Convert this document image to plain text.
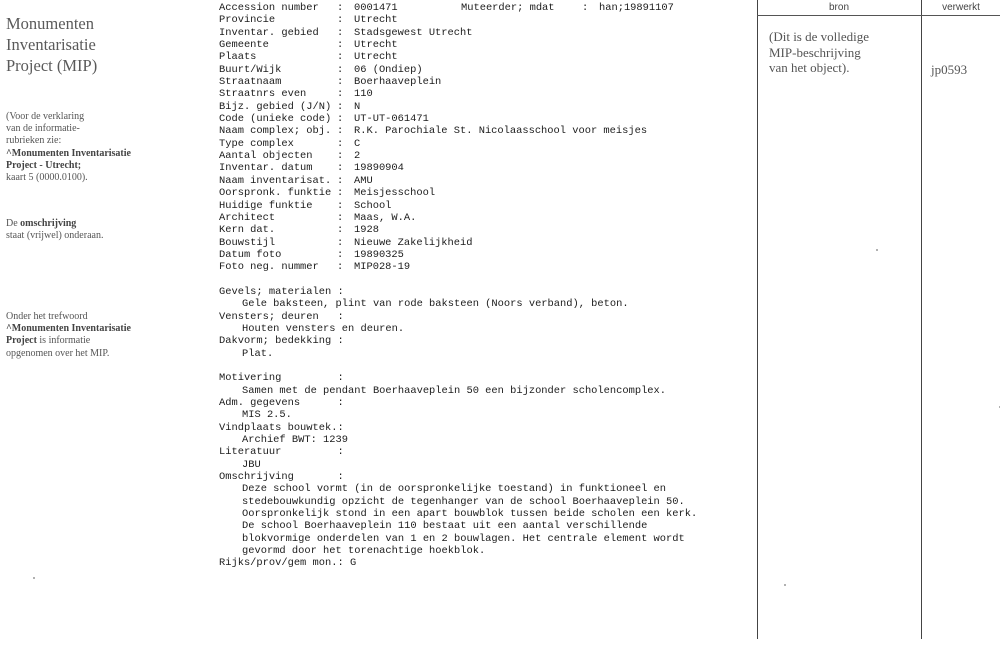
Monumenten
Inventarisatie
Project (MIP)
(Voor de verklaring
van de informatie-
rubrieken zie:
^Monumenten Inventarisatie
Project - Utrecht;
kaart 5 (0000.0100).
De omschrijving
staat (vrijwel) onderaan.
Onder het trefwoord
^Monumenten Inventarisatie
Project is informatie
opgenomen over het MIP.
Accession number : 0001471	Muteerder; mdat	: han;19891107
Provincie	: Utrecht
Inventar. gebied : Stadsgewest Utrecht
Gemeente	: Utrecht
Plaats	: Utrecht
Buurt/Wijk	: 06 (Ondiep)
Straatnaam	: Boerhaaveplein
Straatnrs even	: 110
Bijz. gebied (J/N) : N
Code (unieke code) : UT-UT-061471
Naam complex; obj. : R.K. Parochiale St. Nicolaasschool voor meisjes
Type complex	: C
Aantal objecten : 2
Inventar. datum : 19890904
Naam inventarisat. : AMU
Oorspronk. funktie : Meisjesschool
Huidige funktie : School
Architect	: Maas, W.A.
Kern dat.	: 1928
Bouwstijl	: Nieuwe Zakelijkheid
Datum foto	: 19890325
Foto neg. nummer : MIP028-19
Gevels; materialen :
Gele baksteen, plint van rode baksteen (Noors verband), beton.
Vensters; deuren   :
Houten vensters en deuren.
Dakvorm; bedekking :
Plat.
Motivering         :
Samen met de pendant Boerhaaveplein 50 een bijzonder scholencomplex.
Adm. gegevens      :
MIS 2.5.
Vindplaats bouwtek.:
Archief BWT: 1239
Literatuur         :
JBU
Omschrijving       :
Deze school vormt (in de oorspronkelijke toestand) in funktioneel en
stedebouwkundig opzicht de tegenhanger van de school Boerhaaveplein 50.
Oorspronkelijk stond in een apart bouwblok tussen beide scholen een kerk.
De school Boerhaaveplein 110 bestaat uit een aantal verschillende
blokvormige onderdelen van 1 en 2 bouwlagen. Het centrale element wordt
gevormd door het torenachtige hoekblok.
Rijks/prov/gem mon.: G
bron	verwerkt
(Dit is de volledige
MIP-beschrijving
van het object).	jp0593
